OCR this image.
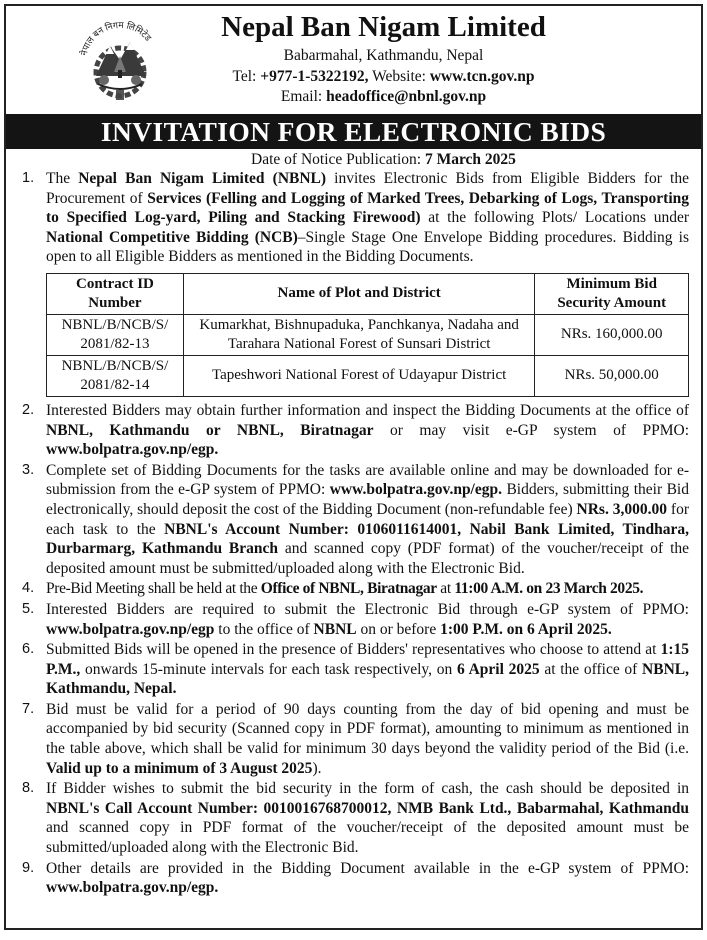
नेपाल बन निगम लिमिटेड	Nepal Ban Nigam Limited
Babarmahal, Kathmandu, Nepal
Tel: +977-1-5322192, Website: www.tcn.gov.np
Email: headoffice@nbnl.gov.np
INVITATION FOR ELECTRONIC BIDS
Date of Notice Publication: 7 March 2025
1. The Nepal Ban Nigam Limited (NBNL) invites Electronic Bids from Eligible Bidders for the Procurement of Services (Felling and Logging of Marked Trees, Debarking of Logs, Transporting to Specified Log-yard, Piling and Stacking Firewood) at the following Plots/ Locations under National Competitive Bidding (NCB)–Single Stage One Envelope Bidding procedures. Bidding is open to all Eligible Bidders as mentioned in the Bidding Documents.
Contract ID Number	Name of Plot and District	Minimum Bid Security Amount
NBNL/B/NCB/S/ 2081/82-13	Kumarkhat, Bishnupaduka, Panchkanya, Nadaha and Tarahara National Forest of Sunsari District	NRs. 160,000.00
NBNL/B/NCB/S/ 2081/82-14	Tapeshwori National Forest of Udayapur District	NRs. 50,000.00
2. Interested Bidders may obtain further information and inspect the Bidding Documents at the office of NBNL, Kathmandu or NBNL, Biratnagar or may visit e-GP system of PPMO: www.bolpatra.gov.np/egp.
3. Complete set of Bidding Documents for the tasks are available online and may be downloaded for e-submission from the e-GP system of PPMO: www.bolpatra.gov.np/egp. Bidders, submitting their Bid electronically, should deposit the cost of the Bidding Document (non-refundable fee) NRs. 3,000.00 for each task to the NBNL's Account Number: 0106011614001, Nabil Bank Limited, Tindhara, Durbarmarg, Kathmandu Branch and scanned copy (PDF format) of the voucher/receipt of the deposited amount must be submitted/uploaded along with the Electronic Bid.
4. Pre-Bid Meeting shall be held at the Office of NBNL, Biratnagar at 11:00 A.M. on 23 March 2025.
5. Interested Bidders are required to submit the Electronic Bid through e-GP system of PPMO: www.bolpatra.gov.np/egp to the office of NBNL on or before 1:00 P.M. on 6 April 2025.
6. Submitted Bids will be opened in the presence of Bidders' representatives who choose to attend at 1:15 P.M., onwards 15-minute intervals for each task respectively, on 6 April 2025 at the office of NBNL, Kathmandu, Nepal.
7. Bid must be valid for a period of 90 days counting from the day of bid opening and must be accompanied by bid security (Scanned copy in PDF format), amounting to minimum as mentioned in the table above, which shall be valid for minimum 30 days beyond the validity period of the Bid (i.e. Valid up to a minimum of 3 August 2025).
8. If Bidder wishes to submit the bid security in the form of cash, the cash should be deposited in NBNL's Call Account Number: 0010016768700012, NMB Bank Ltd., Babarmahal, Kathmandu and scanned copy in PDF format of the voucher/receipt of the deposited amount must be submitted/uploaded along with the Electronic Bid.
9. Other details are provided in the Bidding Document available in the e-GP system of PPMO: www.bolpatra.gov.np/egp.
